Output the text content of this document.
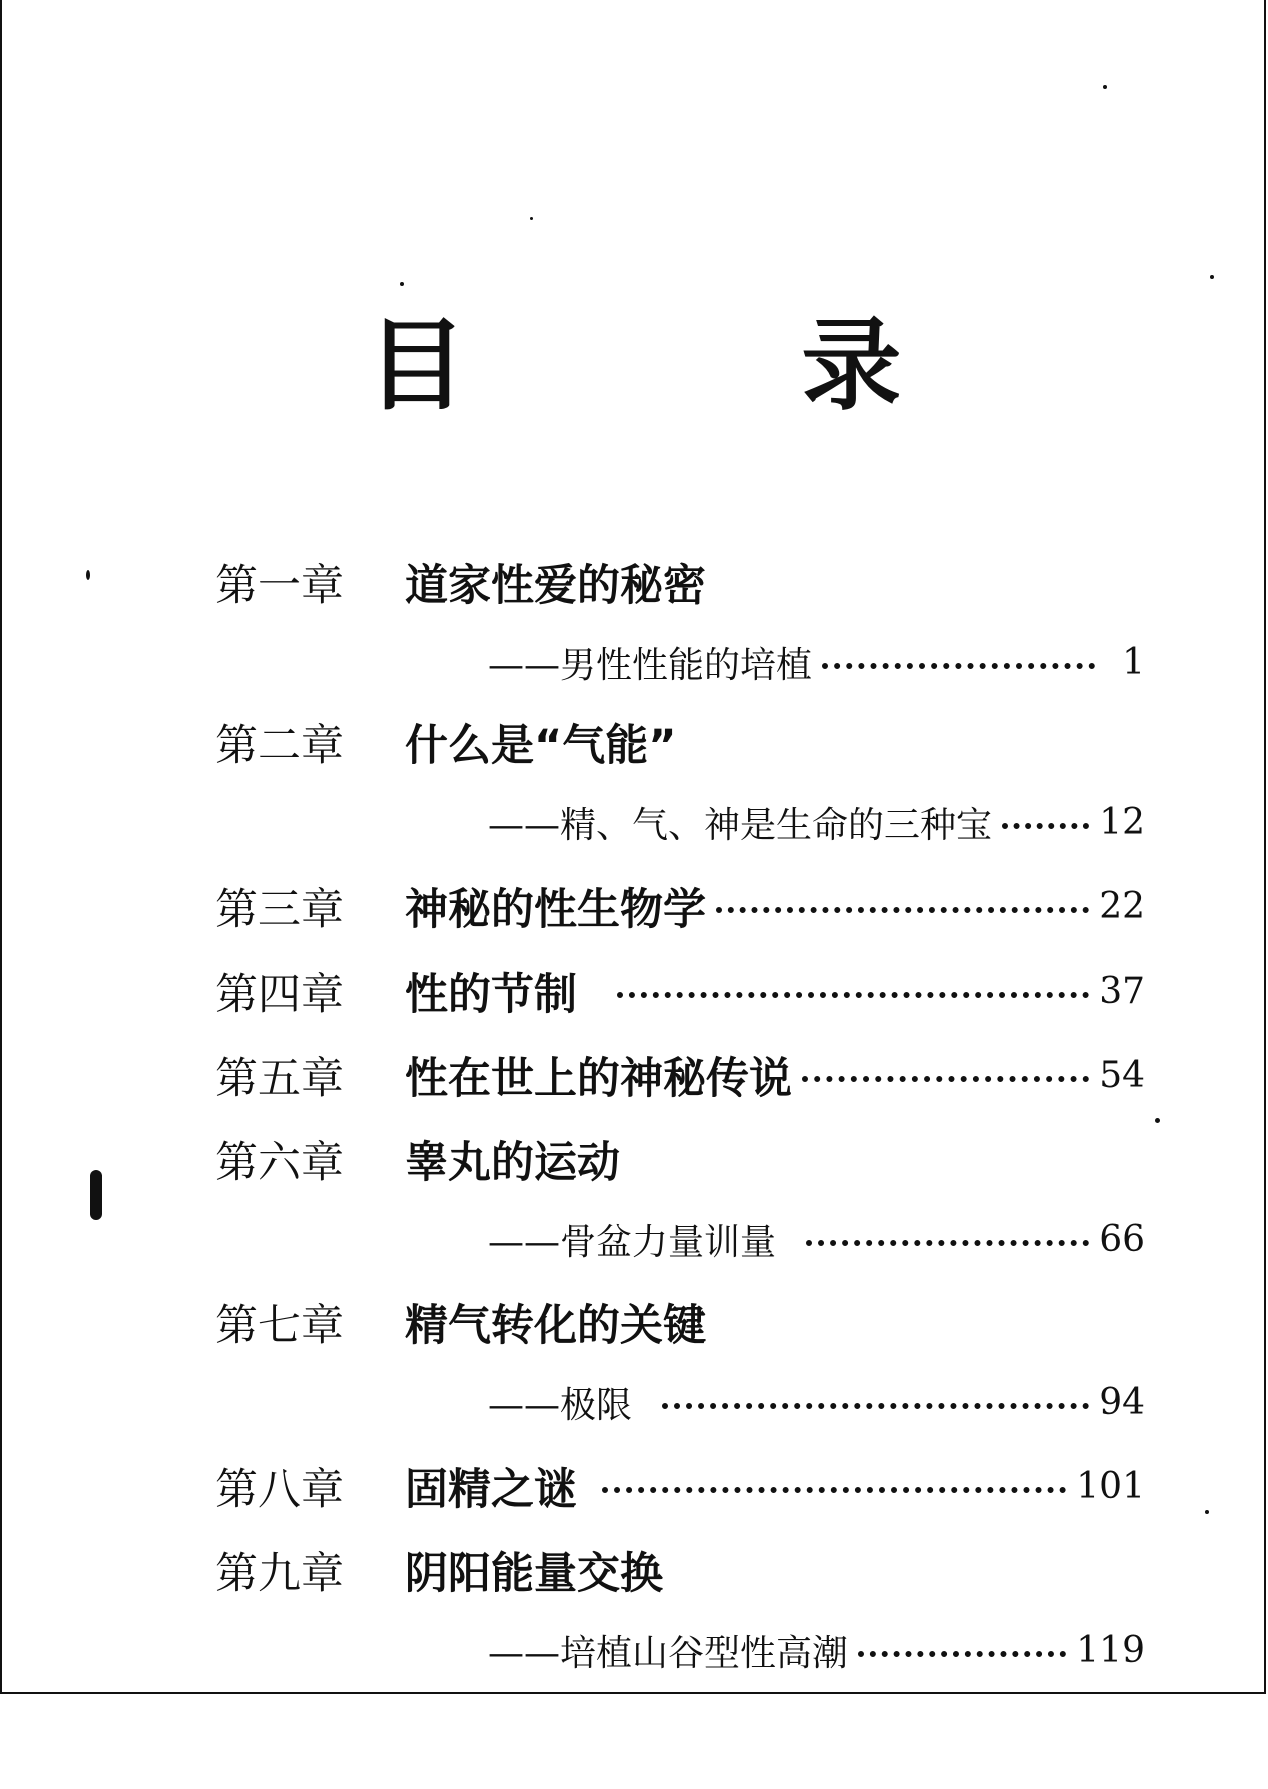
目 录
第一章	道家性爱的秘密
——男性性能的培植	1
第二章	什么是“气能”
——精、气、神是生命的三种宝	12
第三章	神秘的性生物学	22
第四章	性的节制	37
第五章	性在世上的神秘传说	54
第六章	睾丸的运动
——骨盆力量训量	66
第七章	精气转化的关键
——极限	94
第八章	固精之谜	101
第九章	阴阳能量交换
——培植山谷型性高潮	119
